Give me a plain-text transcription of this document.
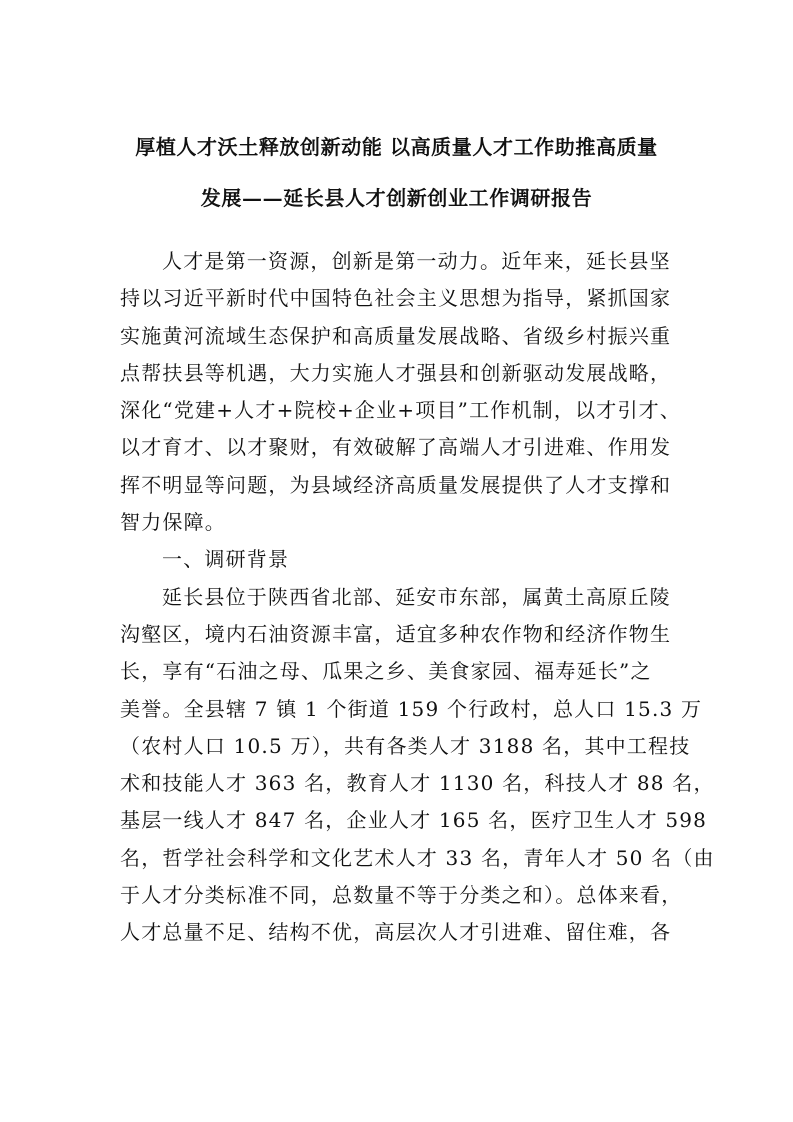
厚植人才沃土释放创新动能 以高质量人才工作助推高质量
发展——延长县人才创新创业工作调研报告
人才是第一资源，创新是第一动力。近年来，延长县坚
持以习近平新时代中国特色社会主义思想为指导，紧抓国家
实施黄河流域生态保护和高质量发展战略、省级乡村振兴重
点帮扶县等机遇，大力实施人才强县和创新驱动发展战略，
深化“党建+人才+院校+企业+项目”工作机制，以才引才、
以才育才、以才聚财，有效破解了高端人才引进难、作用发
挥不明显等问题，为县域经济高质量发展提供了人才支撑和
智力保障。
一、调研背景
延长县位于陕西省北部、延安市东部，属黄土高原丘陵
沟壑区，境内石油资源丰富，适宜多种农作物和经济作物生
长，享有“石油之母、瓜果之乡、美食家园、福寿延长”之
美誉。全县辖 7 镇 1 个街道 159 个行政村，总人口 15.3 万
（农村人口 10.5 万），共有各类人才 3188 名，其中工程技
术和技能人才 363 名，教育人才 1130 名，科技人才 88 名，
基层一线人才 847 名，企业人才 165 名，医疗卫生人才 598
名，哲学社会科学和文化艺术人才 33 名，青年人才 50 名（由
于人才分类标准不同，总数量不等于分类之和）。总体来看，
人才总量不足、结构不优，高层次人才引进难、留住难，各
